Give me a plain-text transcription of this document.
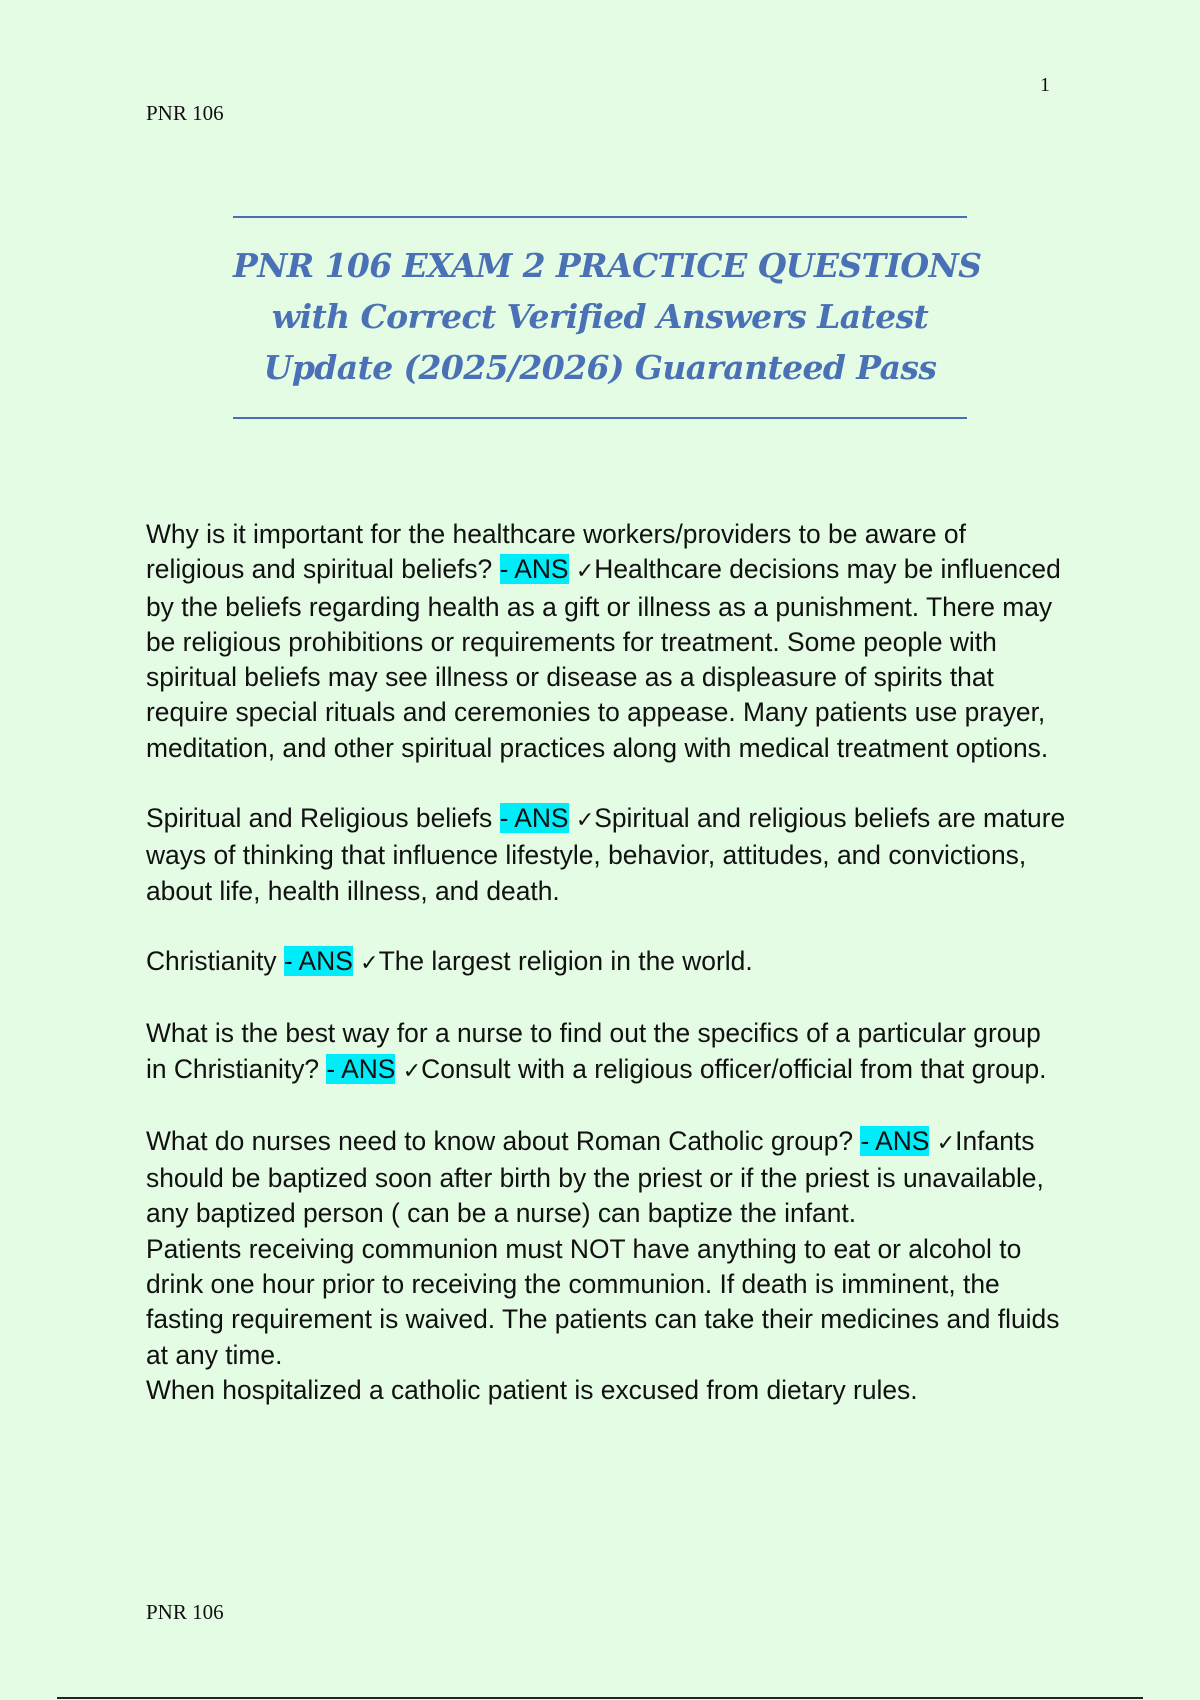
1
PNR 106
PNR 106 EXAM 2 PRACTICE QUESTIONS
with Correct Verified Answers Latest
Update (2025/2026) Guaranteed Pass

Why is it important for the healthcare workers/providers to be aware of religious and spiritual beliefs? - ANS ✓Healthcare decisions may be influenced by the beliefs regarding health as a gift or illness as a punishment. There may be religious prohibitions or requirements for treatment. Some people with spiritual beliefs may see illness or disease as a displeasure of spirits that require special rituals and ceremonies to appease. Many patients use prayer, meditation, and other spiritual practices along with medical treatment options.

Spiritual and Religious beliefs - ANS ✓Spiritual and religious beliefs are mature ways of thinking that influence lifestyle, behavior, attitudes, and convictions, about life, health illness, and death.

Christianity - ANS ✓The largest religion in the world.

What is the best way for a nurse to find out the specifics of a particular group in Christianity? - ANS ✓Consult with a religious officer/official from that group.

What do nurses need to know about Roman Catholic group? - ANS ✓Infants should be baptized soon after birth by the priest or if the priest is unavailable, any baptized person ( can be a nurse) can baptize the infant.

Patients receiving communion must NOT have anything to eat or alcohol to drink one hour prior to receiving the communion. If death is imminent, the fasting requirement is waived. The patients can take their medicines and fluids at any time.

When hospitalized a catholic patient is excused from dietary rules.

PNR 106
